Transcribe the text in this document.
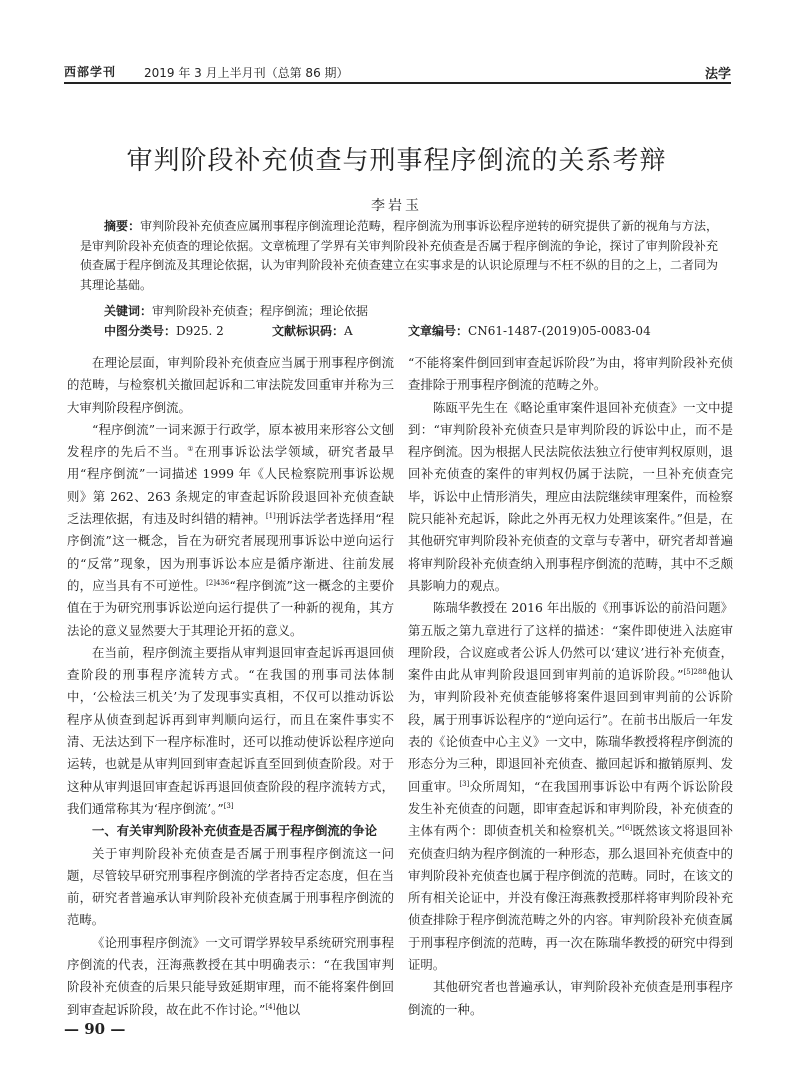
西部学刊 2019 年 3 月上半月刊（总第 86 期）	法学
审判阶段补充侦查与刑事程序倒流的关系考辩
李岩玉
摘要：审判阶段补充侦查应属刑事程序倒流理论范畴，程序倒流为刑事诉讼程序逆转的研究提供了新的视角与方法，是审判阶段补充侦查的理论依据。文章梳理了学界有关审判阶段补充侦查是否属于程序倒流的争论，探讨了审判阶段补充侦查属于程序倒流及其理论依据，认为审判阶段补充侦查建立在实事求是的认识论原理与不枉不纵的目的之上，二者同为其理论基础。
关键词：审判阶段补充侦查；程序倒流；理论依据
中图分类号：D925. 2	文献标识码：A	文章编号：CN61-1487-(2019)05-0083-04

在理论层面，审判阶段补充侦查应当属于刑事程序倒流的范畴，与检察机关撤回起诉和二审法院发回重审并称为三大审判阶段程序倒流。

“程序倒流”一词来源于行政学，原本被用来形容公文刨发程序的先后不当。①在刑事诉讼法学领域，研究者最早用“程序倒流”一词描述 1999 年《人民检察院刑事诉讼规则》第 262、263 条规定的审查起诉阶段退回补充侦查缺乏法理依据，有违及时纠错的精神。[1]刑诉法学者选择用“程序倒流”这一概念，旨在为研究者展现刑事诉讼中逆向运行的“反常”现象，因为刑事诉讼本应是循序渐进、往前发展的，应当具有不可逆性。$^{[2]436}$“程序倒流”这一概念的主要价值在于为研究刑事诉讼逆向运行提供了一种新的视角，其方法论的意义显然要大于其理论开拓的意义。

在当前，程序倒流主要指从审判退回审查起诉再退回侦查阶段的刑事程序流转方式。“在我国的刑事司法体制中，‘公检法三机关’为了发现事实真相，不仅可以推动诉讼程序从侦查到起诉再到审判顺向运行，而且在案件事实不清、无法达到下一程序标准时，还可以推动使诉讼程序逆向运转，也就是从审判回到审查起诉直至回到侦查阶段。对于这种从审判退回审查起诉再退回侦查阶段的程序流转方式，我们通常称其为‘程序倒流’。”[3]

一、有关审判阶段补充侦查是否属于程序倒流的争论

关于审判阶段补充侦查是否属于刑事程序倒流这一问题，尽管较早研究刑事程序倒流的学者持否定态度，但在当前，研究者普遍承认审判阶段补充侦查属于刑事程序倒流的范畴。

《论刑事程序倒流》一文可谓学界较早系统研究刑事程序倒流的代表，汪海燕教授在其中明确表示：“在我国审判阶段补充侦查的后果只能导致延期审理，而不能将案件倒回到审查起诉阶段，故在此不作讨论。”[4]他以

“不能将案件倒回到审查起诉阶段”为由，将审判阶段补充侦查排除于刑事程序倒流的范畴之外。

陈瓯平先生在《略论重审案件退回补充侦查》一文中提到：“审判阶段补充侦查只是审判阶段的诉讼中止，而不是程序倒流。因为根据人民法院依法独立行使审判权原则，退回补充侦查的案件的审判权仍属于法院，一旦补充侦查完毕，诉讼中止情形消失，理应由法院继续审理案件，而检察院只能补充起诉，除此之外再无权力处理该案件。”但是，在其他研究审判阶段补充侦查的文章与专著中，研究者却普遍将审判阶段补充侦查纳入刑事程序倒流的范畴，其中不乏颇具影响力的观点。

陈瑞华教授在 2016 年出版的《刑事诉讼的前沿问题》第五版之第九章进行了这样的描述：“案件即使进入法庭审理阶段，合议庭或者公诉人仍然可以‘建议’进行补充侦查，案件由此从审判阶段退回到审判前的追诉阶段。”$^{[5]288}$他认为，审判阶段补充侦查能够将案件退回到审判前的公诉阶段，属于刑事诉讼程序的“逆向运行”。在前书出版后一年发表的《论侦查中心主义》一文中，陈瑞华教授将程序倒流的形态分为三种，即退回补充侦查、撤回起诉和撤销原判、发回重审。[3]众所周知，“在我国刑事诉讼中有两个诉讼阶段发生补充侦查的问题，即审查起诉和审判阶段，补充侦查的主体有两个：即侦查机关和检察机关。”[6]既然该文将退回补充侦查归纳为程序倒流的一种形态，那么退回补充侦查中的审判阶段补充侦查也属于程序倒流的范畴。同时，在该文的所有相关论证中，并没有像汪海燕教授那样将审判阶段补充侦查排除于程序倒流范畴之外的内容。审判阶段补充侦查属于刑事程序倒流的范畴，再一次在陈瑞华教授的研究中得到证明。

其他研究者也普遍承认，审判阶段补充侦查是刑事程序倒流的一种。

— 90 —
